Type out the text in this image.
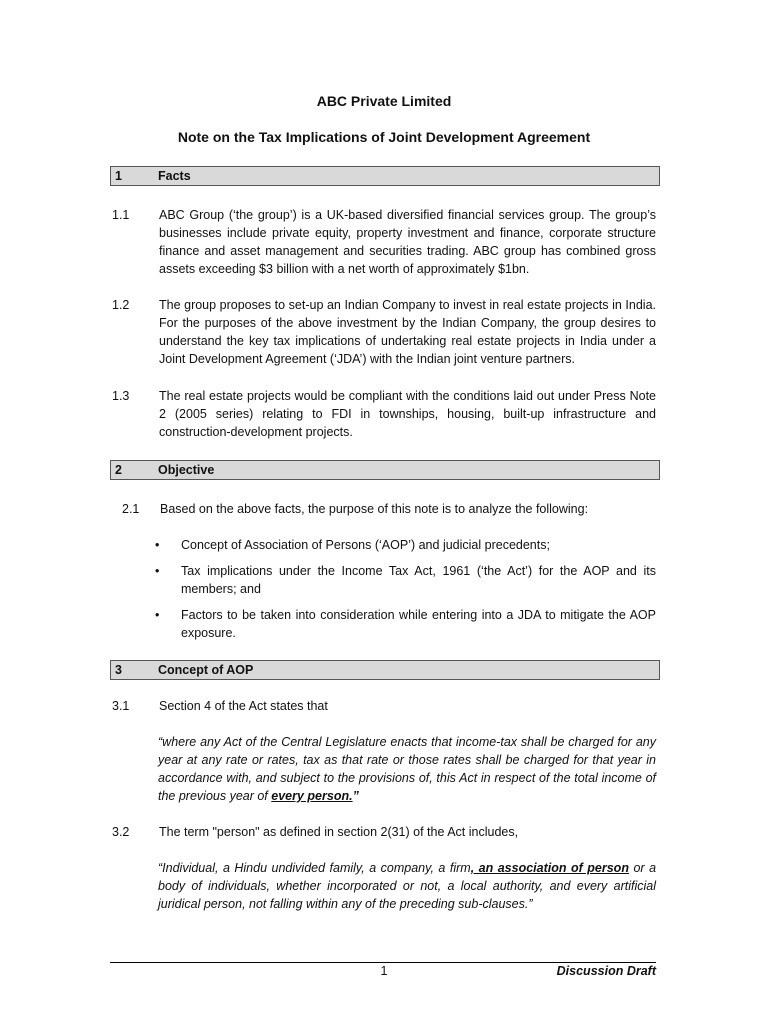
ABC Private Limited
Note on the Tax Implications of Joint Development Agreement
1	Facts
1.1 ABC Group (‘the group’) is a UK-based diversified financial services group. The group’s businesses include private equity, property investment and finance, corporate structure finance and asset management and securities trading. ABC group has combined gross assets exceeding $3 billion with a net worth of approximately $1bn.
1.2 The group proposes to set-up an Indian Company to invest in real estate projects in India. For the purposes of the above investment by the Indian Company, the group desires to understand the key tax implications of undertaking real estate projects in India under a Joint Development Agreement (‘JDA’) with the Indian joint venture partners.
1.3 The real estate projects would be compliant with the conditions laid out under Press Note 2 (2005 series) relating to FDI in townships, housing, built-up infrastructure and construction-development projects.
2	Objective
2.1 Based on the above facts, the purpose of this note is to analyze the following:
• Concept of Association of Persons (‘AOP’) and judicial precedents;
• Tax implications under the Income Tax Act, 1961 (‘the Act’) for the AOP and its members; and
• Factors to be taken into consideration while entering into a JDA to mitigate the AOP exposure.
3	Concept of AOP
3.1 Section 4 of the Act states that
“where any Act of the Central Legislature enacts that income-tax shall be charged for any year at any rate or rates, tax as that rate or those rates shall be charged for that year in accordance with, and subject to the provisions of, this Act in respect of the total income of the previous year of every person.”
3.2 The term "person" as defined in section 2(31) of the Act includes,
“Individual, a Hindu undivided family, a company, a firm, an association of person or a body of individuals, whether incorporated or not, a local authority, and every artificial juridical person, not falling within any of the preceding sub-clauses.”
1	Discussion Draft
